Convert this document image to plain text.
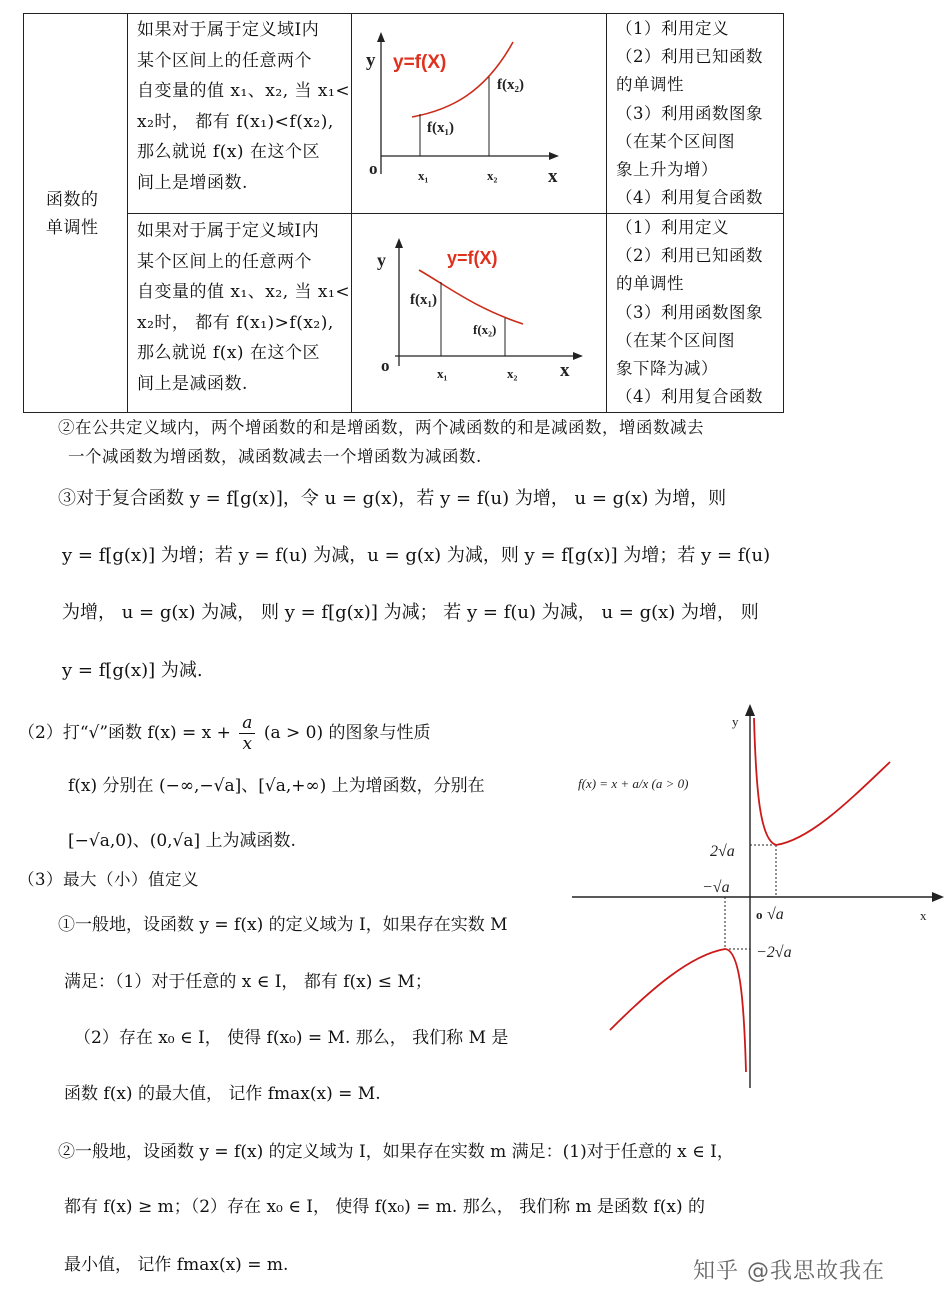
函数的
单调性
如果对于属于定义域Ⅰ内
某个区间上的任意两个
自变量的值 x₁、x₂, 当 x₁<
x₂时， 都有 f(x₁)<f(x₂),
那么就说 f(x) 在这个区
间上是增函数.
y
x
o
y=f(X)
f(x₁)
f(x₂)
x₁	x₂
（1）利用定义
（2）利用已知函数
的单调性
（3）利用函数图象
（在某个区间图
象上升为增）
（4）利用复合函数
如果对于属于定义域Ⅰ内
某个区间上的任意两个
自变量的值 x₁、x₂, 当 x₁<
x₂时， 都有 f(x₁)>f(x₂),
那么就说 f(x) 在这个区
间上是减函数.
y
x
o
y=f(X)
f(x₁)
f(x₂)
x₁	x₂
（1）利用定义
（2）利用已知函数
的单调性
（3）利用函数图象
（在某个区间图
象下降为减）
（4）利用复合函数
②在公共定义域内，两个增函数的和是增函数，两个减函数的和是减函数，增函数减去
一个减函数为增函数，减函数减去一个增函数为减函数.
③对于复合函数 y = f[g(x)]，令 u = g(x)，若 y = f(u) 为增， u = g(x) 为增，则
y = f[g(x)] 为增；若 y = f(u) 为减，u = g(x) 为减，则 y = f[g(x)] 为增；若 y = f(u)
为增， u = g(x) 为减， 则 y = f[g(x)] 为减； 若 y = f(u) 为减， u = g(x) 为增， 则
y = f[g(x)] 为减.
（2）打“√”函数 $f(x) = x + \frac{a}{x} (a > 0)$ 的图象与性质
f(x) 分别在 (−∞,−√a]、[√a,+∞) 上为增函数，分别在
[−√a,0)、(0,√a] 上为减函数.
（3）最大（小）值定义
①一般地，设函数 y = f(x) 的定义域为 I，如果存在实数 M
满足：（1）对于任意的 x ∈ I， 都有 f(x) ≤ M；
（2）存在 x₀ ∈ I， 使得 f(x₀) = M. 那么， 我们称 M 是
函数 f(x) 的最大值， 记作 fmax(x) = M.
②一般地，设函数 y = f(x) 的定义域为 I，如果存在实数 m 满足：(1)对于任意的 x ∈ I，
都有 f(x) ≥ m；（2）存在 x₀ ∈ I， 使得 f(x₀) = m. 那么， 我们称 m 是函数 f(x) 的
最小值， 记作 fmax(x) = m.
y
x
o
f(x) = x + a/x (a > 0)
2√a
−√a
√a
−2√a
知乎 @我思故我在
